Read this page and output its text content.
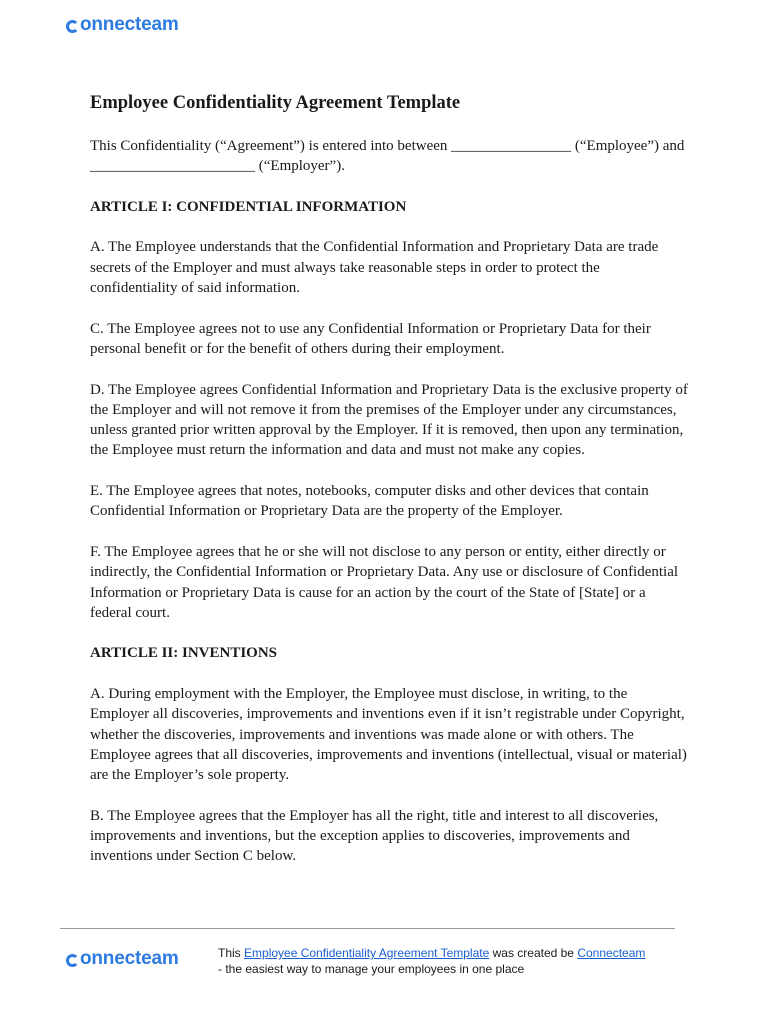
onnecteam
Employee Confidentiality Agreement Template
This Confidentiality (“Agreement”) is entered into between ________________ (“Employee”) and ______________________ (“Employer”).
ARTICLE I: CONFIDENTIAL INFORMATION
A. The Employee understands that the Confidential Information and Proprietary Data are trade secrets of the Employer and must always take reasonable steps in order to protect the confidentiality of said information.
C. The Employee agrees not to use any Confidential Information or Proprietary Data for their personal benefit or for the benefit of others during their employment.
D. The Employee agrees Confidential Information and Proprietary Data is the exclusive property of the Employer and will not remove it from the premises of the Employer under any circumstances, unless granted prior written approval by the Employer. If it is removed, then upon any termination, the Employee must return the information and data and must not make any copies.
E. The Employee agrees that notes, notebooks, computer disks and other devices that contain Confidential Information or Proprietary Data are the property of the Employer.
F. The Employee agrees that he or she will not disclose to any person or entity, either directly or indirectly, the Confidential Information or Proprietary Data. Any use or disclosure of Confidential Information or Proprietary Data is cause for an action by the court of the State of [State] or a federal court.
ARTICLE II: INVENTIONS
A. During employment with the Employer, the Employee must disclose, in writing, to the Employer all discoveries, improvements and inventions even if it isn’t registrable under Copyright, whether the discoveries, improvements and inventions was made alone or with others. The Employee agrees that all discoveries, improvements and inventions (intellectual, visual or material) are the Employer’s sole property.
B. The Employee agrees that the Employer has all the right, title and interest to all discoveries, improvements and inventions, but the exception applies to discoveries, improvements and inventions under Section C below.
onnecteam	This Employee Confidentiality Agreement Template was created be Connecteam
- the easiest way to manage your employees in one place
